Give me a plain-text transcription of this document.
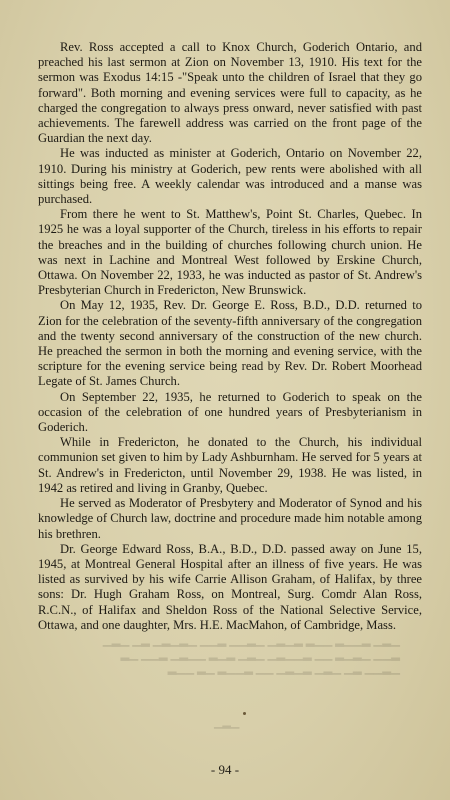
Rev. Ross accepted a call to Knox Church, Goderich Ontario, and preached his last sermon at Zion on November 13, 1910. His text for the sermon was Exodus 14:15 -"Speak unto the children of Israel that they go forward". Both morning and evening services were full to capacity, as he charged the congregation to always press onward, never satisfied with past achievements. The farewell address was carried on the front page of the Guardian the next day.

He was inducted as minister at Goderich, Ontario on November 22, 1910. During his ministry at Goderich, pew rents were abolished with all sittings being free. A weekly calendar was introduced and a manse was purchased.

From there he went to St. Matthew's, Point St. Charles, Quebec. In 1925 he was a loyal supporter of the Church, tireless in his efforts to repair the breaches and in the building of churches following church union. He was next in Lachine and Montreal West followed by Erskine Church, Ottawa. On November 22, 1933, he was inducted as pastor of St. Andrew's Presbyterian Church in Fredericton, New Brunswick.

On May 12, 1935, Rev. Dr. George E. Ross, B.D., D.D. returned to Zion for the celebration of the seventy-fifth anniversary of the congregation and the twenty second anniversary of the construction of the new church. He preached the sermon in both the morning and evening service, with the scripture for the evening service being read by Rev. Dr. Robert Moorhead Legate of St. James Church.

On September 22, 1935, he returned to Goderich to speak on the occasion of the celebration of one hundred years of Presbyterianism in Goderich.

While in Fredericton, he donated to the Church, his individual communion set given to him by Lady Ashburnham. He served for 5 years at St. Andrew's in Fredericton, until November 29, 1938. He was listed, in 1942 as retired and living in Granby, Quebec.

He served as Moderator of Presbytery and Moderator of Synod and his knowledge of Church law, doctrine and procedure made him notable among his brethren.

Dr. George Edward Ross, B.A., B.D., D.D. passed away on June 15, 1945, at Montreal General Hospital after an illness of five years. He was listed as survived by his wife Carrie Allison Graham, of Halifax, by three sons: Dr. Hugh Graham Ross, on Montreal, Surg. Comdr Alan Ross, R.C.N., of Halifax and Sheldon Ross of the National Selective Service, Ottawa, and one daughter, Mrs. H.E. MacMahon, of Cambridge, Mass.

▁▂▁ ▂▁▁▂ ▁▁▂ ▂▁▂▁ ▁▂▁▁ ▂▁▁ ▁▂▁▂▁ ▂▁ ▁▂▁
▂▁▁ ▁▂▁▂ ▁▁ ▂▁▁▂▁ ▁▂▁ ▂▁▂ ▁▁▂▁ ▂▁▁ ▁▂
▁▂▁▁ ▂▁ ▁▂▁ ▂▁▂▁ ▁▁ ▂▁▁▂ ▁▂ ▁▁▂
▁▂▁
- 94 -
